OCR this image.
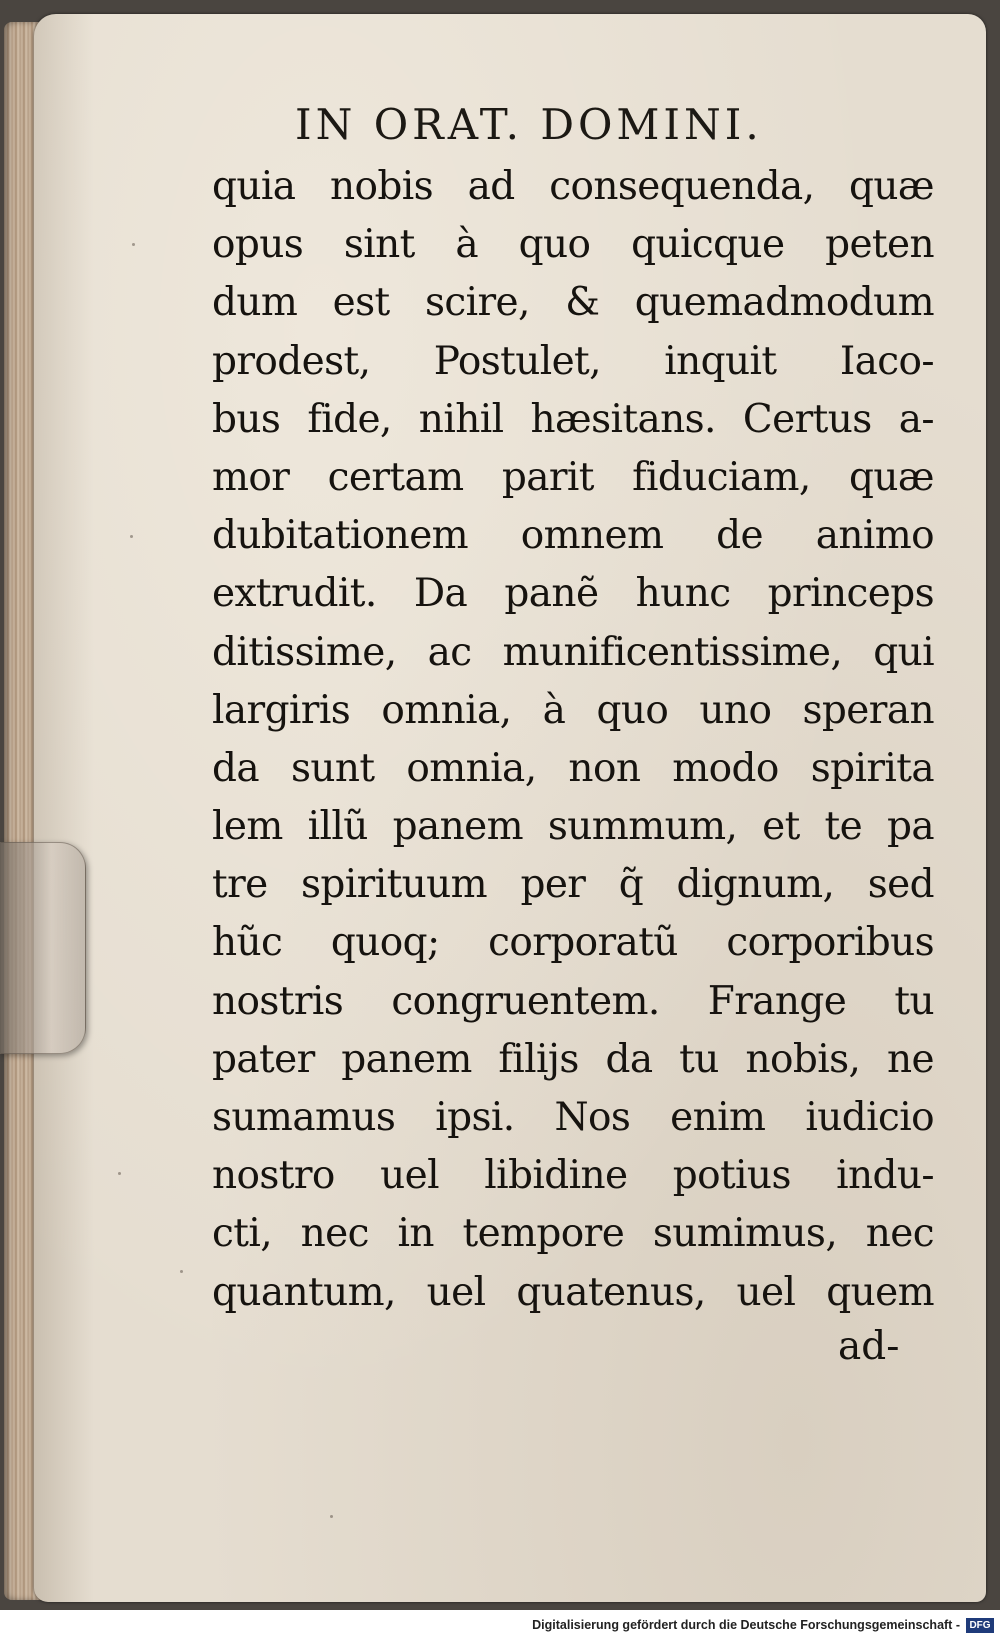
IN ORAT. DOMINI.
quia nobis ad consequenda, quæ
opus sint à quo quicque peten
dum est scire, & quemadmodum
prodest, Postulet, inquit Iaco-
bus fide, nihil hæsitans. Certus a-
mor certam parit fiduciam, quæ
dubitationem omnem de animo
extrudit. Da panẽ hunc princeps
ditissime, ac munificentissime, qui
largiris omnia, à quo uno speran
da sunt omnia, non modo spirita
lem illũ panem summum, et te pa
tre spirituum per q̃ dignum, sed
hũc quoq; corporatũ corporibus
nostris congruentem. Frange tu
pater panem filijs da tu nobis, ne
sumamus ipsi. Nos enim iudicio
nostro uel libidine potius indu-
cti, nec in tempore sumimus, nec
quantum, uel quatenus, uel quem
ad-
Digitalisierung gefördert durch die Deutsche Forschungsgemeinschaft - DFG
